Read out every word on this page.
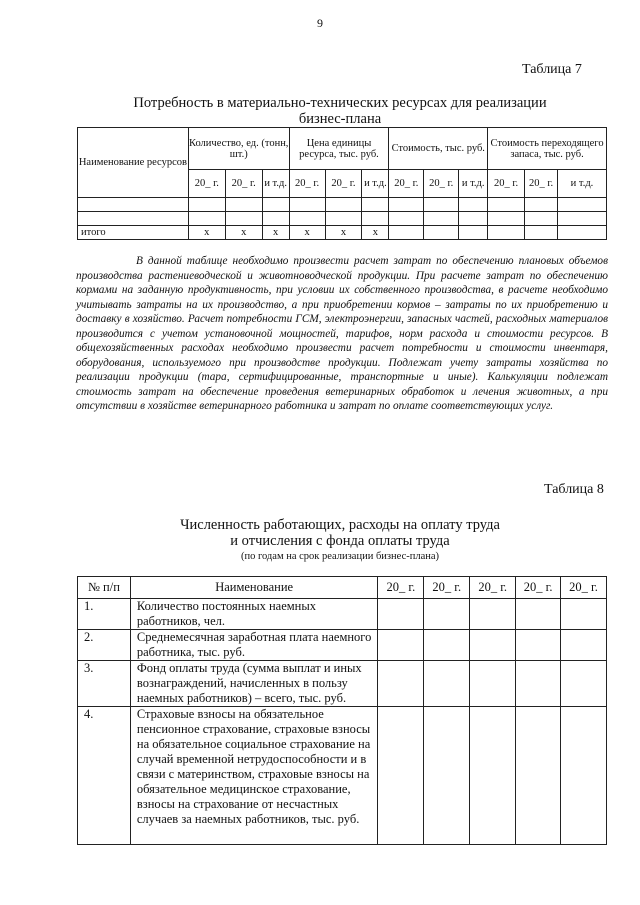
9
Таблица 7
Потребность в материально-технических ресурсах для реализации
бизнес-плана
Наименование ресурсов	Количество, ед. (тонн, шт.)			Цена единицы ресурса, тыс. руб.			Стоимость, тыс. руб.			Стоимость переходящего запаса, тыс. руб.		
	20_ г.	20_ г.	и т.д.	20_ г.	20_ г.	и т.д.	20_ г.	20_ г.	и т.д.	20_ г.	20_ г.	и т.д.

итого	x	x	x	x	x	x						
В данной таблице необходимо произвести расчет затрат по обеспечению плановых объемов производства растениеводческой и животноводческой продукции. При расчете затрат по обеспечению кормами на заданную продуктивность, при условии их собственного производства, в расчете необходимо учитывать затраты на их производство, а при приобретении кормов – затраты по их приобретению и доставку в хозяйство. Расчет потребности ГСМ, электроэнергии, запасных частей, расходных материалов производится с учетом установочной мощностей, тарифов, норм расхода и стоимости ресурсов. В общехозяйственных расходах необходимо произвести расчет потребности и стоимости инвентаря, оборудования, используемого при производстве продукции. Подлежат учету затраты хозяйства по реализации продукции (тара, сертифицированные, транспортные и иные). Калькуляции подлежат стоимость затрат на обеспечение проведения ветеринарных обработок и лечения животных, а при отсутствии в хозяйстве ветеринарного работника и затрат по оплате соответствующих услуг.
Таблица 8
Численность работающих, расходы на оплату труда
и отчисления с фонда оплаты труда
(по годам на срок реализации бизнес-плана)
№ п/п	Наименование	20_ г.	20_ г.	20_ г.	20_ г.	20_ г.
1.	Количество постоянных наемных работников, чел.					
2.	Среднемесячная заработная плата наемного работника, тыс. руб.					
3.	Фонд оплаты труда (сумма выплат и иных вознаграждений, начисленных в пользу наемных работников) – всего, тыс. руб.					
4.	Страховые взносы на обязательное пенсионное страхование, страховые взносы на обязательное социальное страхование на случай временной нетрудоспособности и в связи с материнством, страховые взносы на обязательное медицинское страхование, взносы на страхование от несчастных случаев за наемных работников, тыс. руб.					
